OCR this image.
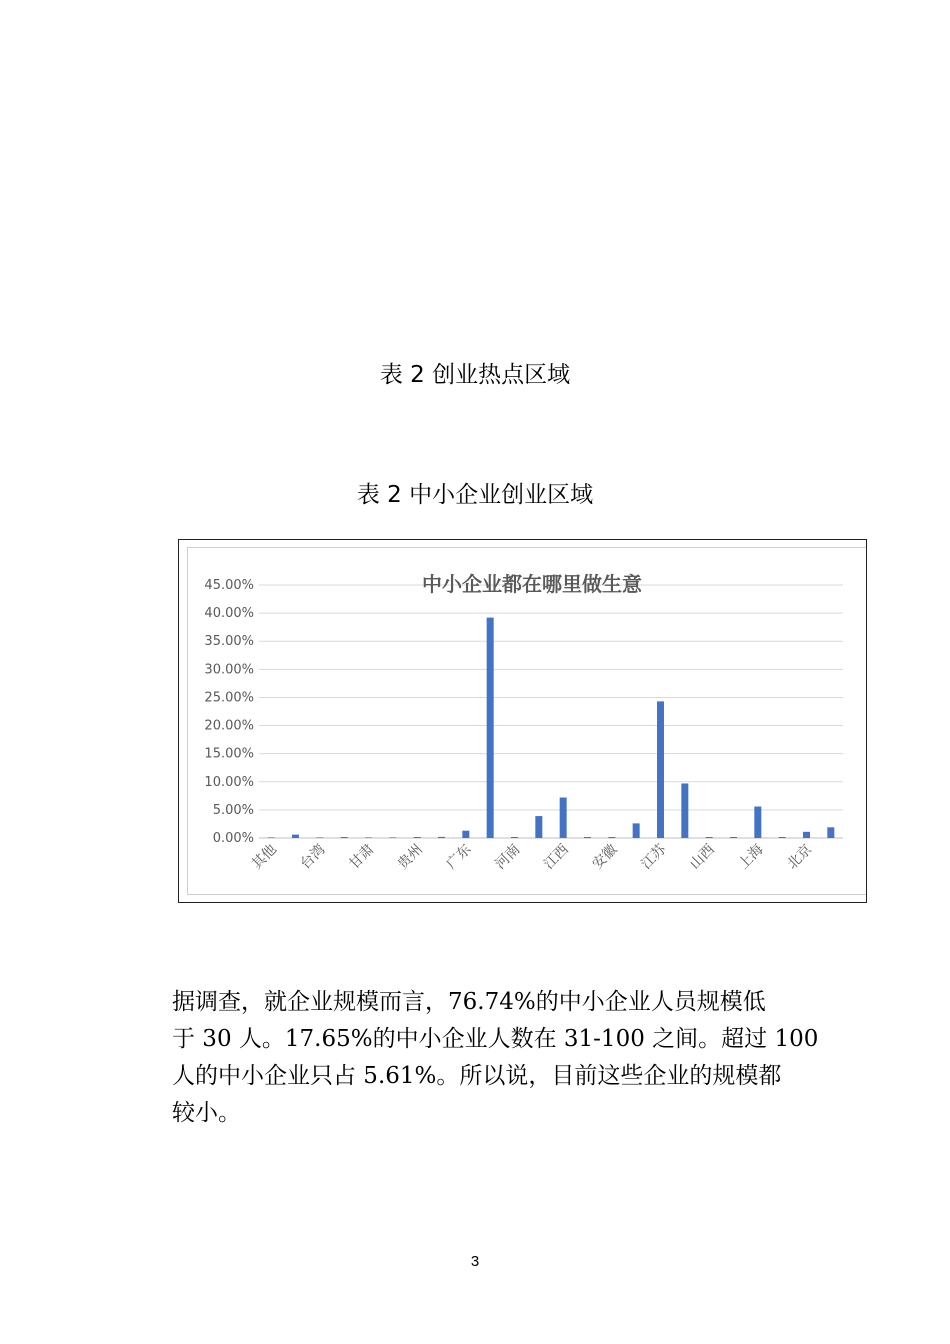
表 2 创业热点区域
表 2 中小企业创业区域
45.00%
40.00%
35.00%
30.00%
25.00%
20.00%
15.00%
10.00%
5.00%
0.00%
中小企业都在哪里做生意
其他 台湾 甘肃 贵州 广东 河南 江西 安徽 江苏 山西 上海 北京
据调查，就企业规模而言，76.74%的中小企业人员规模低
于 30 人。17.65%的中小企业人数在 31-100 之间。超过 100
人的中小企业只占 5.61%。所以说，目前这些企业的规模都
较小。
3
